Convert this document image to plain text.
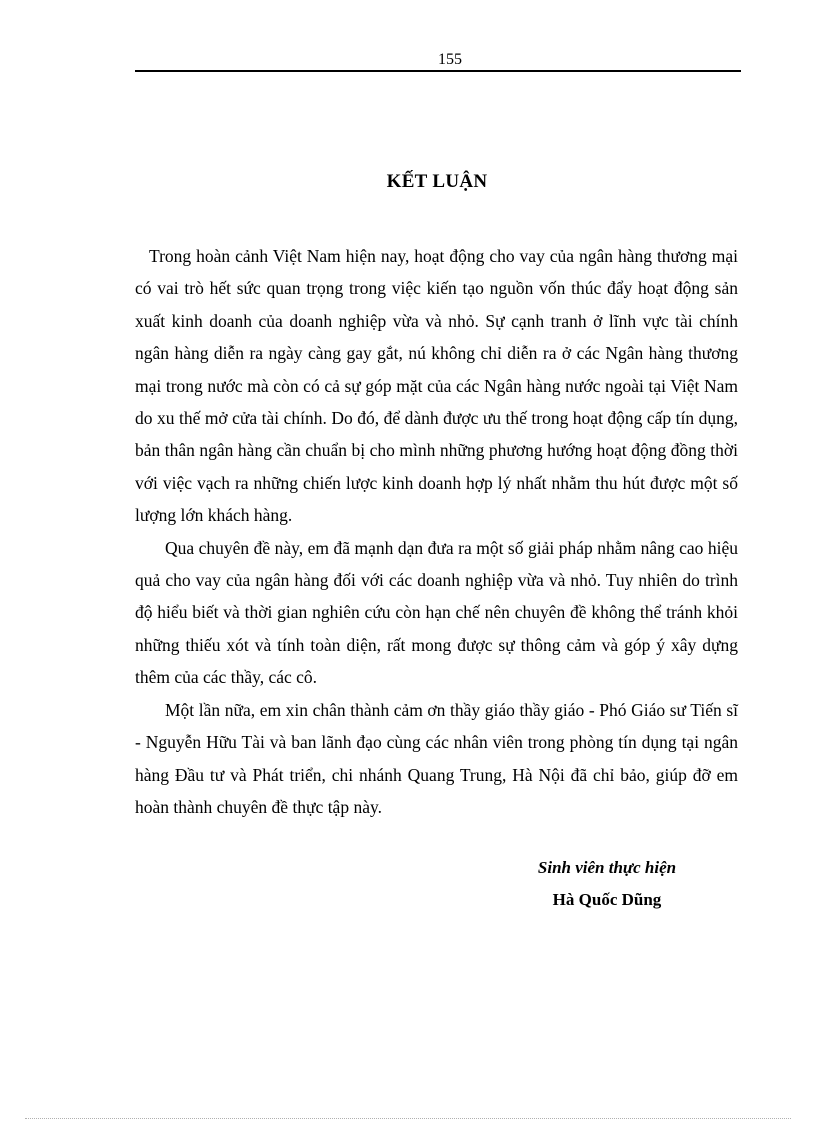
155
KẾT LUẬN

Trong hoàn cảnh Việt Nam hiện nay, hoạt động cho vay của ngân hàng thương mại có vai trò hết sức quan trọng trong việc kiến tạo nguồn vốn thúc đẩy hoạt động sản xuất kinh doanh của doanh nghiệp vừa và nhỏ. Sự cạnh tranh ở lĩnh vực tài chính ngân hàng diễn ra ngày càng gay gắt, nú không chỉ diễn ra ở các Ngân hàng thương mại trong nước mà còn có cả sự góp mặt của các Ngân hàng nước ngoài tại Việt Nam do xu thế mở cửa tài chính. Do đó, để dành được ưu thế trong hoạt động cấp tín dụng, bản thân ngân hàng cần chuẩn bị cho mình những phương hướng hoạt động đồng thời với việc vạch ra những chiến lược kinh doanh hợp lý nhất nhằm thu hút được một số lượng lớn khách hàng.

Qua chuyên đề này, em đã mạnh dạn đưa ra một số giải pháp nhằm nâng cao hiệu quả cho vay của ngân hàng đối với các doanh nghiệp vừa và nhỏ. Tuy nhiên do trình độ hiểu biết và thời gian nghiên cứu còn hạn chế nên chuyên đề không thể tránh khỏi những thiếu xót và tính toàn diện, rất mong được sự thông cảm và góp ý xây dựng thêm của các thầy, các cô.

Một lần nữa, em xin chân thành cảm ơn thầy giáo thầy giáo - Phó Giáo sư Tiến sĩ - Nguyễn Hữu Tài và ban lãnh đạo cùng các nhân viên trong phòng tín dụng tại ngân hàng Đầu tư và Phát triển, chi nhánh Quang Trung, Hà Nội đã chỉ bảo, giúp đỡ em hoàn thành chuyên đề thực tập này.

Sinh viên thực hiện
Hà Quốc Dũng
